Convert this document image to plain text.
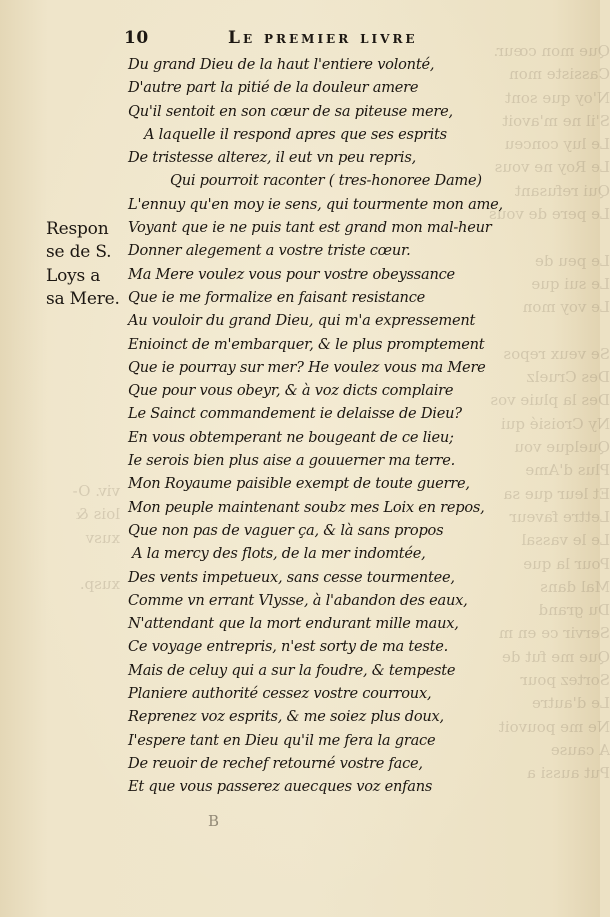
Que mon cœur.
Cassiste mon
N'oy que sont
S'il ne m'avoit
Le luy conceu
Le Roy ne vous
Qui refusant
Le pere de vous

Le peu de
Le sui que
Le voy mon

Se veux repos
Des Cruelz
Des la pluie vos
Ny Croisié qui
Quelque vou
Plus d'Ame
Et leur que sa
Lettre faveur
Le le vassal
Pour la que
Mal dans
Du grand
Servir ce en m
Que me fut de
Sortez pour
Le d'autre
Ne me pouvoit
A cause
Put aussi a
viv. O-
lois &
xusv

xusp.
10	Le premier livre
Respon
se de S.
Loys a
sa Mere.
Du grand Dieu de la haut l'entiere volonté,
D'autre part la pitié de la douleur amere
Qu'il sentoit en son cœur de sa piteuse mere,
A laquelle il respond apres que ses esprits
De tristesse alterez, il eut vn peu repris,
Qui pourroit raconter ( tres-honoree Dame)
L'ennuy qu'en moy ie sens, qui tourmente mon ame,
Voyant que ie ne puis tant est grand mon mal-heur
Donner alegement a vostre triste cœur.
Ma Mere voulez vous pour vostre obeyssance
Que ie me formalize en faisant resistance
Au vouloir du grand Dieu, qui m'a expressement
Enioinct de m'embarquer, & le plus promptement
Que ie pourray sur mer? He voulez vous ma Mere
Que pour vous obeyr, & à voz dicts complaire
Le Sainct commandement ie delaisse de Dieu?
En vous obtemperant ne bougeant de ce lieu;
Ie serois bien plus aise a gouuerner ma terre.
Mon Royaume paisible exempt de toute guerre,
Mon peuple maintenant soubz mes Loix en repos,
Que non pas de vaguer ça, & là sans propos
A la mercy des flots, de la mer indomtée,
Des vents impetueux, sans cesse tourmentee,
Comme vn errant Vlysse, à l'abandon des eaux,
N'attendant que la mort endurant mille maux,
Ce voyage entrepris, n'est sorty de ma teste.
Mais de celuy qui a sur la foudre, & tempeste
Planiere authorité cessez vostre courroux,
Reprenez voz esprits, & me soiez plus doux,
I'espere tant en Dieu qu'il me fera la grace
De reuoir de rechef retourné vostre face,
Et que vous passerez auecques voz enfans
B
